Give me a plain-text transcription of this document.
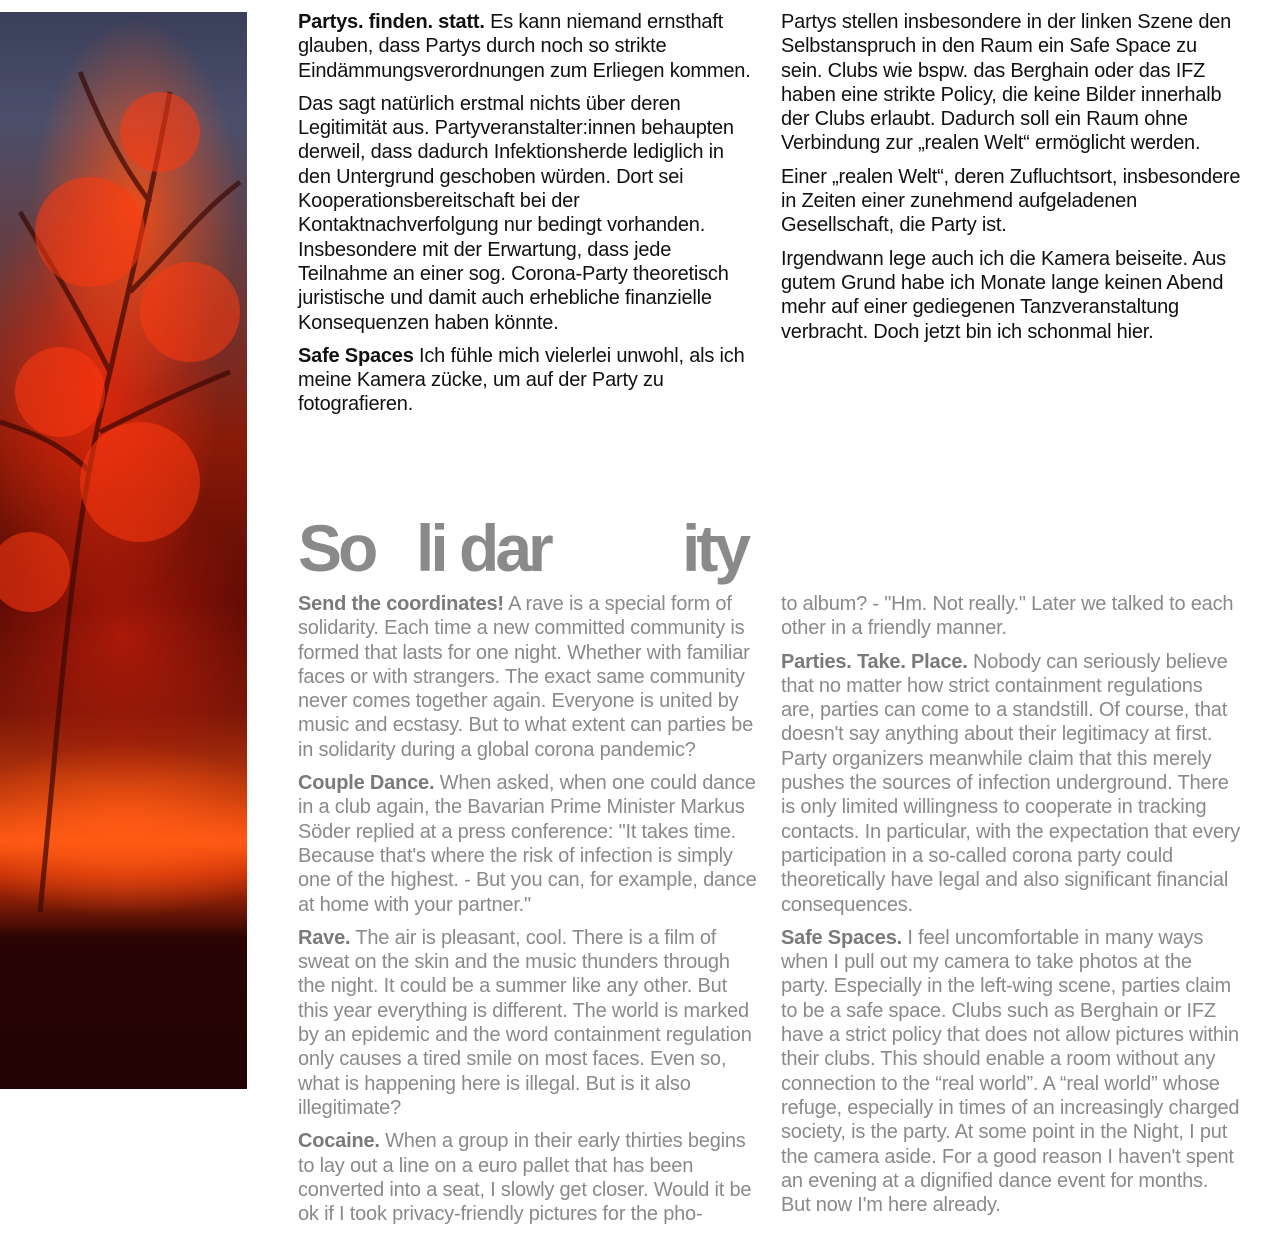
Partys. finden. statt. Es kann niemand ernsthaft glauben, dass Partys durch noch so strikte Eindämmungsverordnungen zum Erliegen kommen.

Das sagt natürlich erstmal nichts über deren Legitimität aus. Partyveranstalter:innen behaupten derweil, dass dadurch Infektionsherde lediglich in den Untergrund geschoben würden. Dort sei Kooperationsbereitschaft bei der Kontaktnachverfolgung nur bedingt vorhanden. Insbesondere mit der Erwartung, dass jede Teilnahme an einer sog. Corona-Party theoretisch juristische und damit auch erhebliche finanzielle Konsequenzen haben könnte.

Safe Spaces Ich fühle mich vielerlei unwohl, als ich meine Kamera zücke, um auf der Party zu fotografieren.

Partys stellen insbesondere in der linken Szene den Selbstanspruch in den Raum ein Safe Space zu sein. Clubs wie bspw. das Berghain oder das IFZ haben eine strikte Policy, die keine Bilder innerhalb der Clubs erlaubt. Dadurch soll ein Raum ohne Verbindung zur „realen Welt“ ermöglicht werden.

Einer „realen Welt“, deren Zufluchtsort, insbesondere in Zeiten einer zunehmend aufgeladenen Gesellschaft, die Party ist.

Irgendwann lege auch ich die Kamera beiseite. Aus gutem Grund habe ich Monate lange keinen Abend mehr auf einer gediegenen Tanzveranstaltung verbracht. Doch jetzt bin ich schonmal hier.

So li dar ity

Send the coordinates! A rave is a special form of solidarity. Each time a new committed community is formed that lasts for one night. Whether with familiar faces or with strangers. The exact same community never comes together again. Everyone is united by music and ecstasy. But to what extent can parties be in solidarity during a global corona pandemic?

Couple Dance. When asked, when one could dance in a club again, the Bavarian Prime Minister Markus Söder replied at a press conference: "It takes time. Because that's where the risk of infection is simply one of the highest. - But you can, for example, dance at home with your partner."

Rave. The air is pleasant, cool. There is a film of sweat on the skin and the music thunders through the night. It could be a summer like any other. But this year everything is different. The world is marked by an epidemic and the word containment regulation only causes a tired smile on most faces. Even so, what is happening here is illegal. But is it also illegitimate?

Cocaine. When a group in their early thirties begins to lay out a line on a euro pallet that has been converted into a seat, I slowly get closer. Would it be ok if I took privacy-friendly pictures for the pho-

to album? - "Hm. Not really." Later we talked to each other in a friendly manner.

Parties. Take. Place. Nobody can seriously believe that no matter how strict containment regulations are, parties can come to a standstill. Of course, that doesn't say anything about their legitimacy at first. Party organizers meanwhile claim that this merely pushes the sources of infection underground. There is only limited willingness to cooperate in tracking contacts. In particular, with the expectation that every participation in a so-called corona party could theoretically have legal and also significant financial consequences.

Safe Spaces. I feel uncomfortable in many ways when I pull out my camera to take photos at the party. Especially in the left-wing scene, parties claim to be a safe space. Clubs such as Berghain or IFZ have a strict policy that does not allow pictures within their clubs. This should enable a room without any connection to the “real world”. A “real world” whose refuge, especially in times of an increasingly charged society, is the party. At some point in the Night, I put the camera aside. For a good reason I haven't spent an evening at a dignified dance event for months. But now I'm here already.
